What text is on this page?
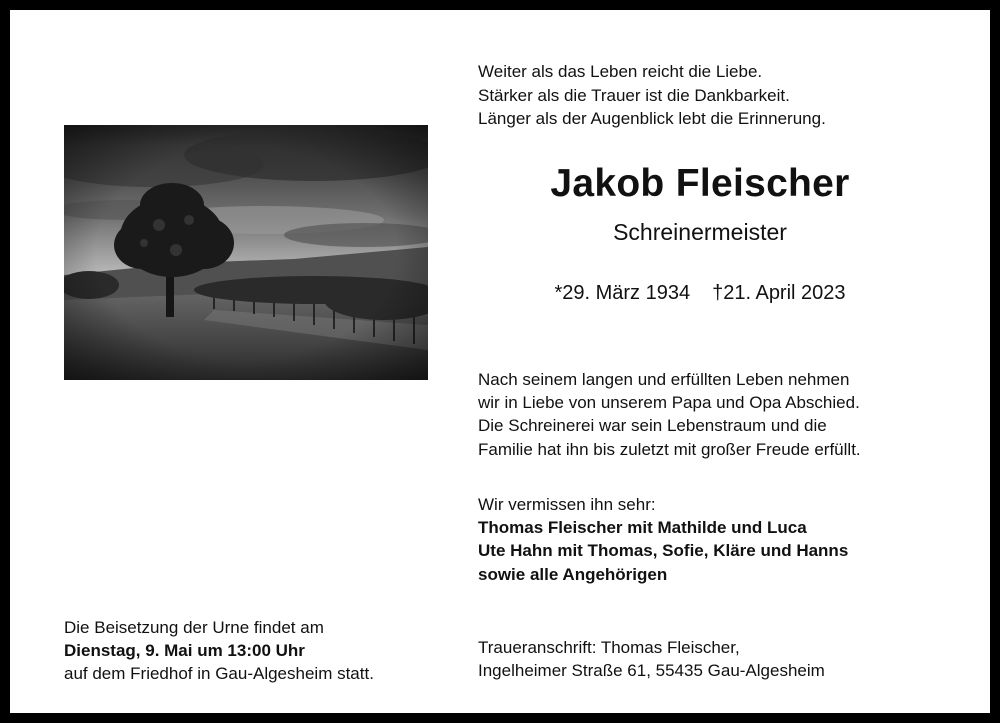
Weiter als das Leben reicht die Liebe.
Stärker als die Trauer ist die Dankbarkeit.
Länger als der Augenblick lebt die Erinnerung.
Jakob Fleischer
Schreinermeister
*29. März 1934 †21. April 2023
Nach seinem langen und erfüllten Leben nehmen
wir in Liebe von unserem Papa und Opa Abschied.
Die Schreinerei war sein Lebenstraum und die
Familie hat ihn bis zuletzt mit großer Freude erfüllt.
Wir vermissen ihn sehr:
Thomas Fleischer mit Mathilde und Luca
Ute Hahn mit Thomas, Sofie, Kläre und Hanns
sowie alle Angehörigen
Die Beisetzung der Urne findet am
Dienstag, 9. Mai um 13:00 Uhr
auf dem Friedhof in Gau-Algesheim statt.
Traueranschrift: Thomas Fleischer,
Ingelheimer Straße 61, 55435 Gau-Algesheim
